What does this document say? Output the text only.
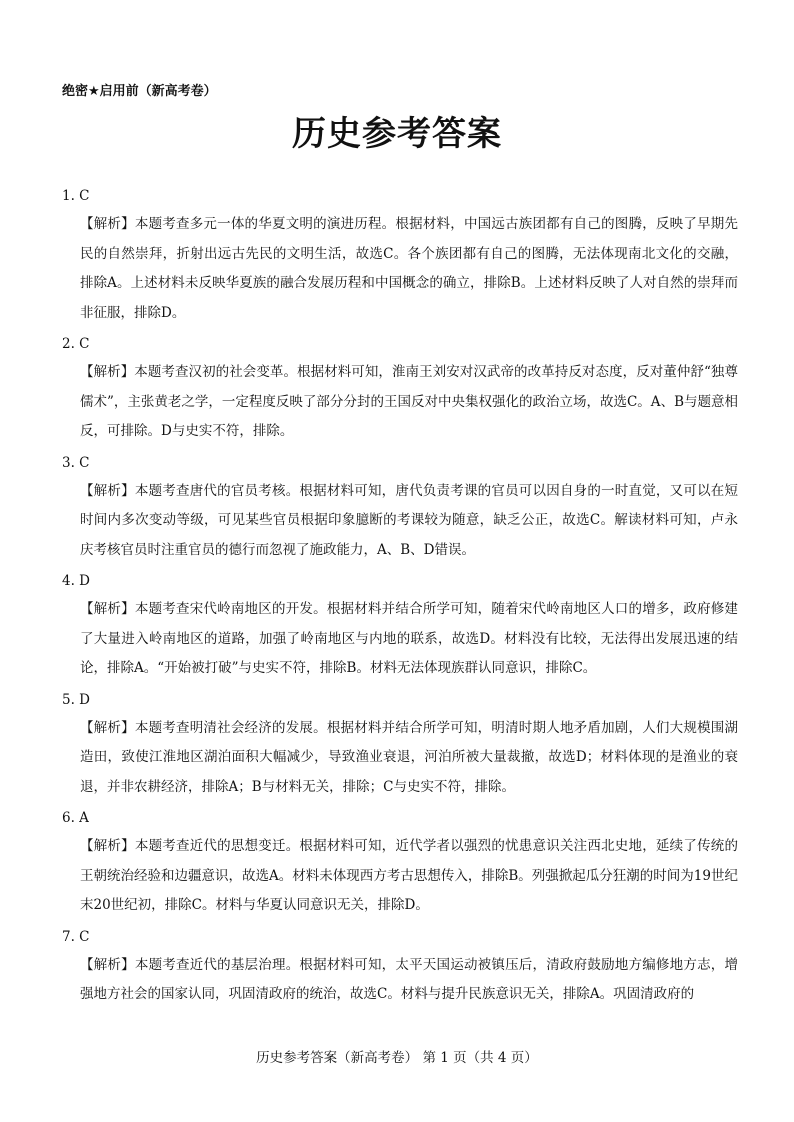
绝密★启用前（新高考卷）
历史参考答案
1. C
【解析】本题考查多元一体的华夏文明的演进历程。根据材料，中国远古族团都有自己的图腾，反映了早期先民的自然崇拜，折射出远古先民的文明生活，故选C。各个族团都有自己的图腾，无法体现南北文化的交融，排除A。上述材料未反映华夏族的融合发展历程和中国概念的确立，排除B。上述材料反映了人对自然的崇拜而非征服，排除D。
2. C
【解析】本题考查汉初的社会变革。根据材料可知，淮南王刘安对汉武帝的改革持反对态度，反对董仲舒“独尊儒术”，主张黄老之学，一定程度反映了部分分封的王国反对中央集权强化的政治立场，故选C。A、B与题意相反，可排除。D与史实不符，排除。
3. C
【解析】本题考查唐代的官员考核。根据材料可知，唐代负责考课的官员可以因自身的一时直觉，又可以在短时间内多次变动等级，可见某些官员根据印象臆断的考课较为随意，缺乏公正，故选C。解读材料可知，卢永庆考核官员时注重官员的德行而忽视了施政能力，A、B、D错误。
4. D
【解析】本题考查宋代岭南地区的开发。根据材料并结合所学可知，随着宋代岭南地区人口的增多，政府修建了大量进入岭南地区的道路，加强了岭南地区与内地的联系，故选D。材料没有比较，无法得出发展迅速的结论，排除A。“开始被打破”与史实不符，排除B。材料无法体现族群认同意识，排除C。
5. D
【解析】本题考查明清社会经济的发展。根据材料并结合所学可知，明清时期人地矛盾加剧，人们大规模围湖造田，致使江淮地区湖泊面积大幅减少，导致渔业衰退，河泊所被大量裁撤，故选D；材料体现的是渔业的衰退，并非农耕经济，排除A；B与材料无关，排除；C与史实不符，排除。
6. A
【解析】本题考查近代的思想变迁。根据材料可知，近代学者以强烈的忧患意识关注西北史地，延续了传统的王朝统治经验和边疆意识，故选A。材料未体现西方考古思想传入，排除B。列强掀起瓜分狂潮的时间为19世纪末20世纪初，排除C。材料与华夏认同意识无关，排除D。
7. C
【解析】本题考查近代的基层治理。根据材料可知，太平天国运动被镇压后，清政府鼓励地方编修地方志，增强地方社会的国家认同，巩固清政府的统治，故选C。材料与提升民族意识无关，排除A。巩固清政府的
历史参考答案（新高考卷） 第 1 页（共 4 页）
